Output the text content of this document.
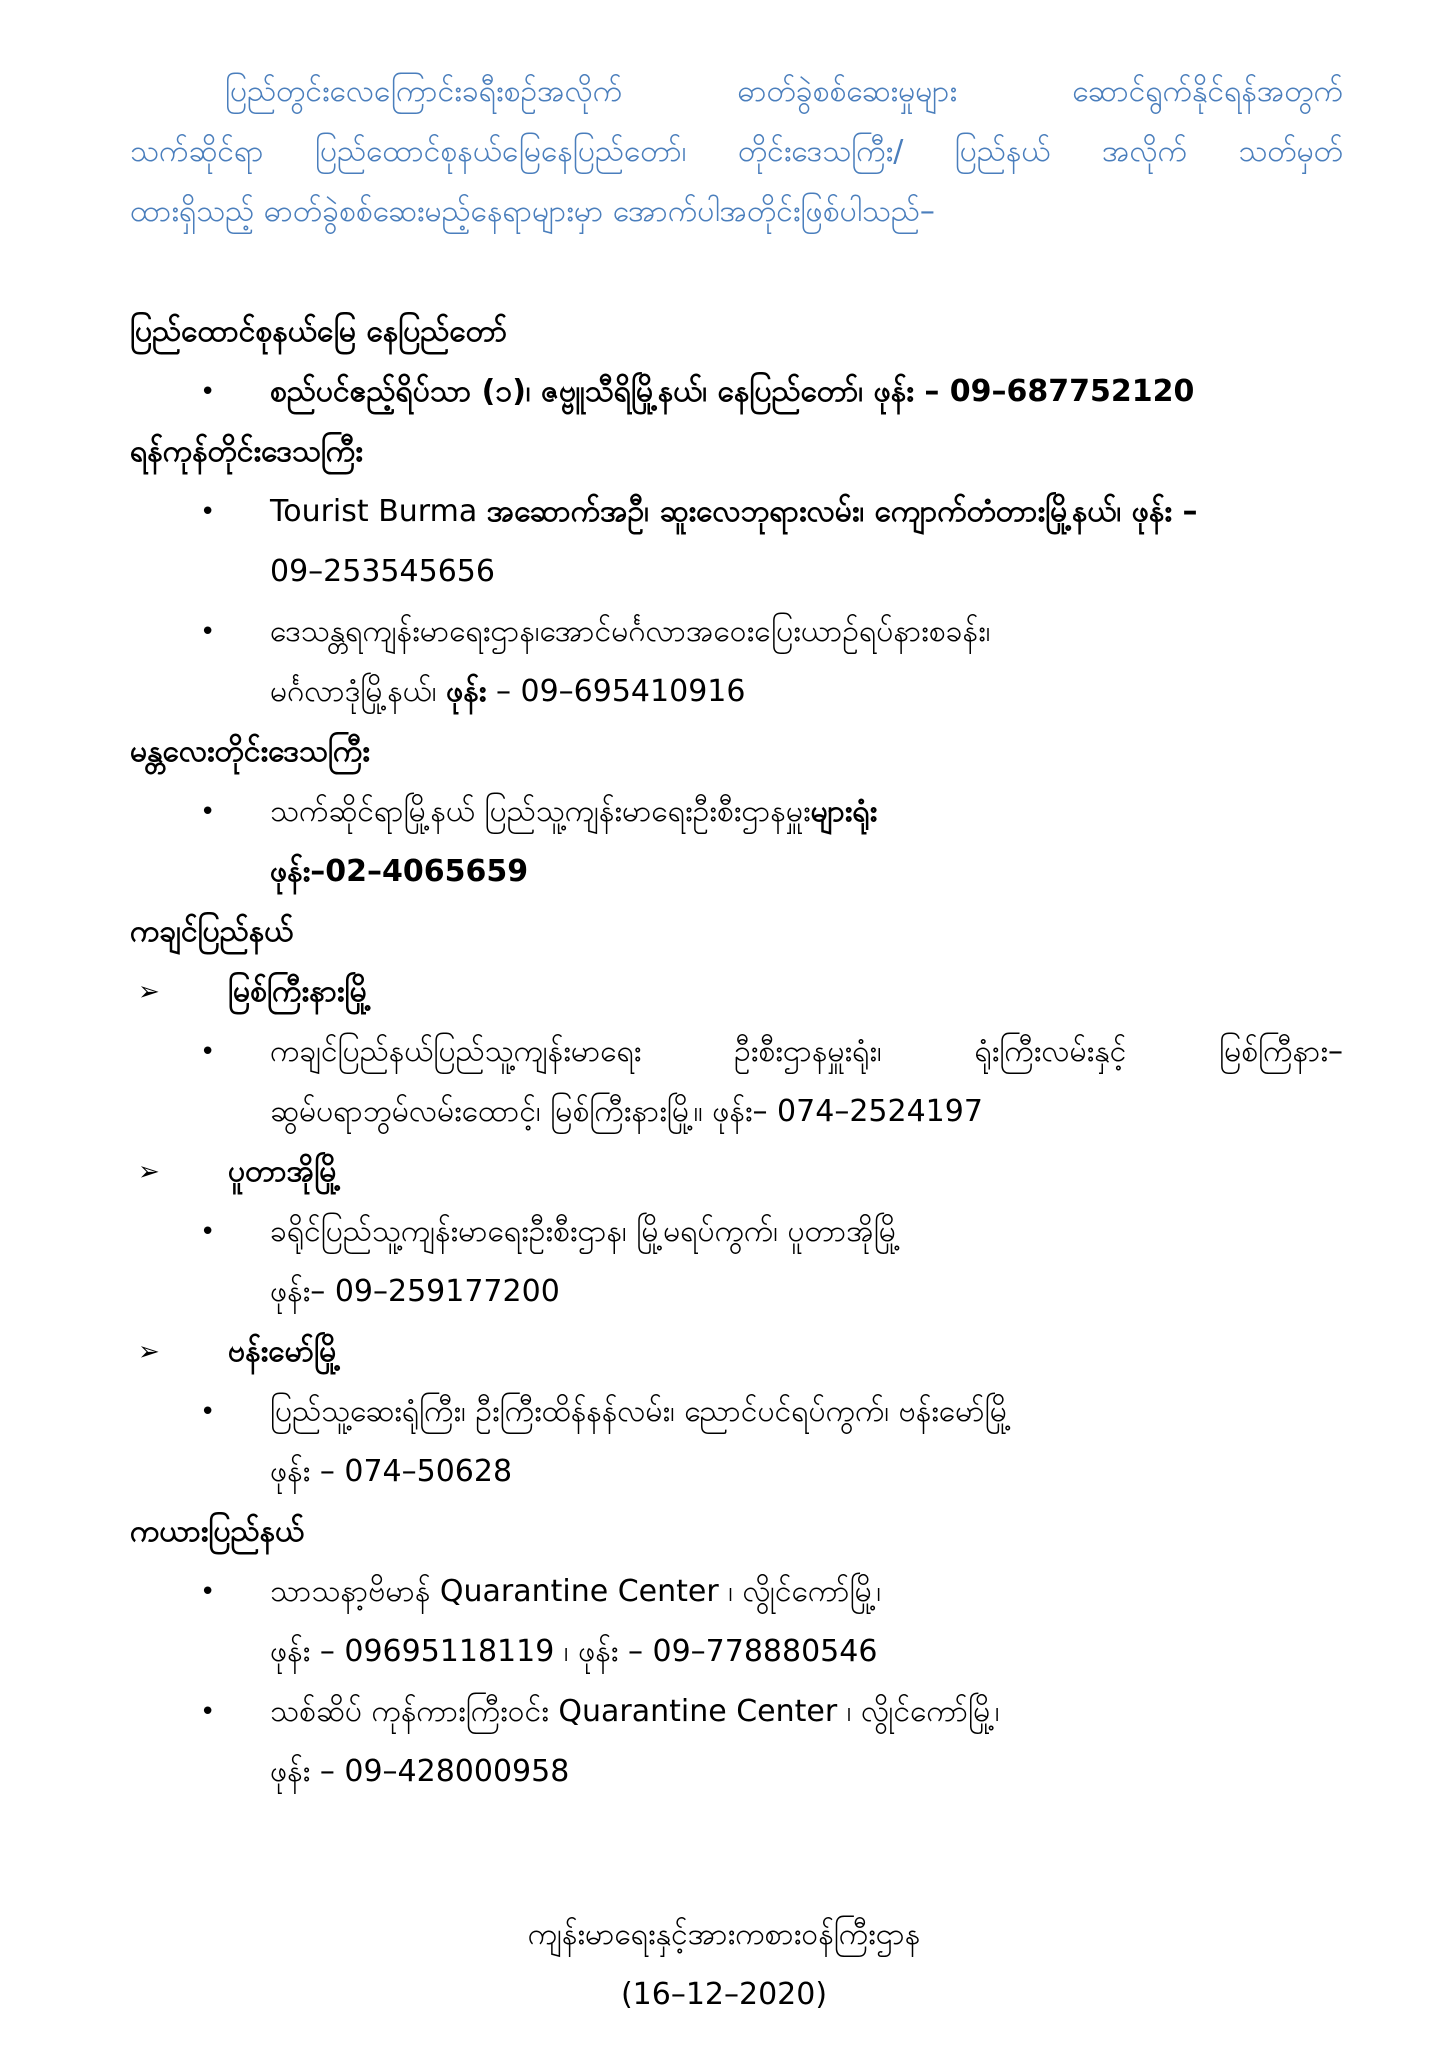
ပြည်တွင်းလေကြောင်းခရီးစဉ်အလိုက် ဓာတ်ခွဲစစ်ဆေးမှုများ ဆောင်ရွက်နိုင်ရန်အတွက်
သက်ဆိုင်ရာ ပြည်ထောင်စုနယ်မြေနေပြည်တော်၊ တိုင်းဒေသကြီး/ ပြည်နယ် အလိုက် သတ်မှတ်
ထားရှိသည့် ဓာတ်ခွဲစစ်ဆေးမည့်နေရာများမှာ အောက်ပါအတိုင်းဖြစ်ပါသည်–
ပြည်ထောင်စုနယ်မြေ နေပြည်တော်
•	စည်ပင်ဧည့်ရိပ်သာ (၁)၊ ဇဗ္ဗူသီရိမြို့နယ်၊ နေပြည်တော်၊ ဖုန်း – 09–687752120
ရန်ကုန်တိုင်းဒေသကြီး
•	Tourist Burma အဆောက်အဦ၊ ဆူးလေဘုရားလမ်း၊ ကျောက်တံတားမြို့နယ်၊ ဖုန်း –
09–253545656
•	ဒေသန္တရကျန်းမာရေးဌာန၊အောင်မင်္ဂလာအဝေးပြေးယာဉ်ရပ်နားစခန်း၊
မင်္ဂလာဒုံမြို့နယ်၊ ဖုန်း – 09–695410916
မန္တလေးတိုင်းဒေသကြီး
•	သက်ဆိုင်ရာမြို့နယ် ပြည်သူ့ကျန်းမာရေးဦးစီးဌာနမှူးများရုံး
ဖုန်း–02–4065659
ကချင်ပြည်နယ်
➢	မြစ်ကြီးနားမြို့
•	ကချင်ပြည်နယ်ပြည်သူ့ကျန်းမာရေး ဦးစီးဌာနမှူးရုံး၊ ရုံးကြီးလမ်းနှင့် မြစ်ကြီနား–
ဆွမ်ပရာဘွမ်လမ်းထောင့်၊ မြစ်ကြီးနားမြို့။ ဖုန်း– 074–2524197
➢	ပူတာအိုမြို့
•	ခရိုင်ပြည်သူ့ကျန်းမာရေးဦးစီးဌာန၊ မြို့မရပ်ကွက်၊ ပူတာအိုမြို့
ဖုန်း– 09–259177200
➢	ဗန်းမော်မြို့
•	ပြည်သူ့ဆေးရုံကြီး၊ ဦးကြီးထိန်နန်လမ်း၊ ညောင်ပင်ရပ်ကွက်၊ ဗန်းမော်မြို့
ဖုန်း – 074–50628
ကယားပြည်နယ်
•	သာသနာ့ဗိမာန် Quarantine Center ၊ လွိုင်ကော်မြို့၊
ဖုန်း – 09695118119 ၊ ဖုန်း – 09–778880546
•	သစ်ဆိပ် ကုန်ကားကြီးဝင်း Quarantine Center ၊ လွိုင်ကော်မြို့၊
ဖုန်း – 09–428000958
ကျန်းမာရေးနှင့်အားကစားဝန်ကြီးဌာန
(16–12–2020)
